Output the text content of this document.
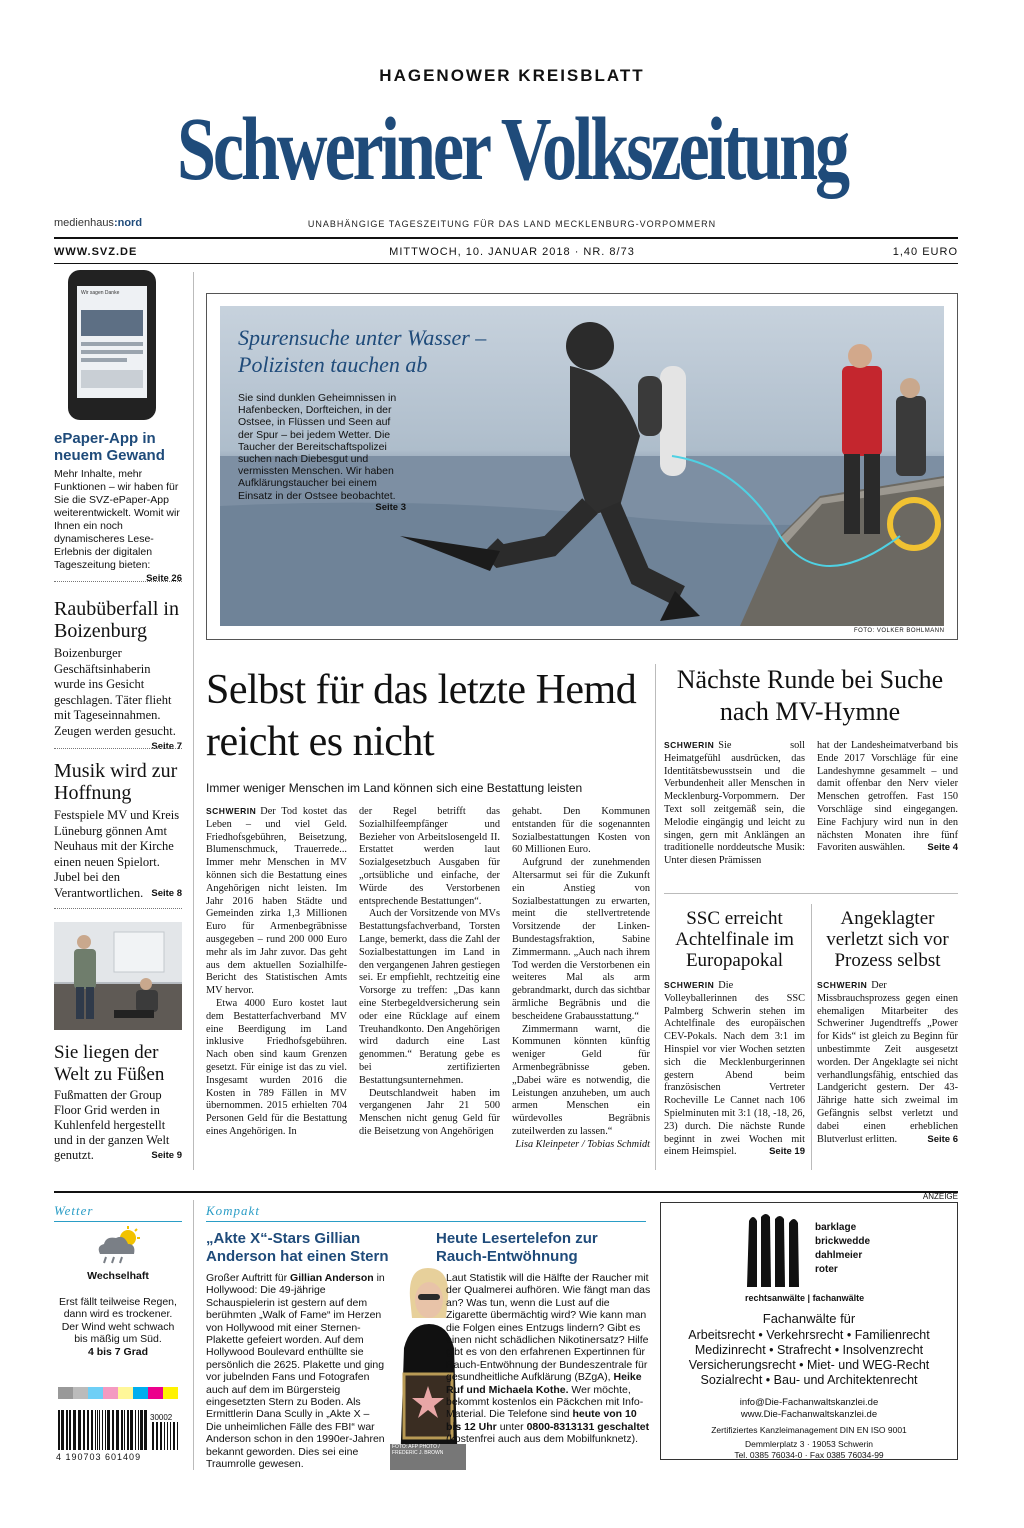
HAGENOWER KREISBLATT
Schweriner Volkszeitung
medienhaus:nord	UNABHÄNGIGE TAGESZEITUNG FÜR DAS LAND MECKLENBURG-VORPOMMERN
WWW.SVZ.DE	MITTWOCH, 10. JANUAR 2018 · NR. 8/73	1,40 EURO
Wir sagen Danke
ePaper-App in neuem Gewand
Mehr Inhalte, mehr Funktionen – wir haben für Sie die SVZ-ePaper-App weiterentwickelt. Womit wir Ihnen ein noch dynamischeres Lese-Erlebnis der digitalen Tageszeitung bieten:
Seite 26
Raubüberfall in Boizenburg
Boizenburger Geschäftsinhaberin wurde ins Gesicht geschlagen. Täter flieht mit Tageseinnahmen. Zeugen werden gesucht.
Seite 7
Musik wird zur Hoffnung
Festspiele MV und Kreis Lüneburg gönnen Amt Neuhaus mit der Kirche einen neuen Spielort. Jubel bei den Verantwortlichen. Seite 8
Sie liegen der Welt zu Füßen
Fußmatten der Group Floor Grid werden in Kuhlenfeld hergestellt und in der ganzen Welt genutzt.	Seite 9
FOTO: VOLKER BOHLMANN
Spurensuche unter Wasser – Polizisten tauchen ab
Sie sind dunklen Geheimnissen in Hafenbecken, Dorfteichen, in der Ostsee, in Flüssen und Seen auf der Spur – bei jedem Wetter. Die Taucher der Bereitschaftspolizei suchen nach Diebesgut und vermissten Menschen. Wir haben Aufklärungstaucher bei einem Einsatz in der Ostsee beobachtet.
Seite 3
Selbst für das letzte Hemd reicht es nicht
Immer weniger Menschen im Land können sich eine Bestattung leisten
SCHWERIN Der Tod kostet das Leben – und viel Geld. Friedhofsgebühren, Beisetzung, Blumenschmuck, Trauerrede... Immer mehr Menschen in MV können sich die Bestattung eines Angehörigen nicht leisten. Im Jahr 2016 haben Städte und Gemeinden zirka 1,3 Millionen Euro für Armenbegräbnisse ausgegeben – rund 200 000 Euro mehr als im Jahr zuvor. Das geht aus dem aktuellen Sozialhilfe-Bericht des Statistischen Amts MV hervor.
Etwa 4000 Euro kostet laut dem Bestatterfachverband MV eine Beerdigung im Land inklusive Friedhofsgebühren. Nach oben sind kaum Grenzen gesetzt. Für einige ist das zu viel. Insgesamt wurden 2016 die Kosten in 789 Fällen in MV übernommen. 2015 erhielten 704 Personen Geld für die Bestattung eines Angehörigen. In
der Regel betrifft das Sozialhilfeempfänger und Bezieher von Arbeitslosengeld II. Erstattet werden laut Sozialgesetzbuch Ausgaben für „ortsübliche und einfache, der Würde des Verstorbenen entsprechende Bestattungen“.
Auch der Vorsitzende von MVs Bestattungsfachverband, Torsten Lange, bemerkt, dass die Zahl der Sozialbestattungen im Land in den vergangenen Jahren gestiegen sei. Er empfiehlt, rechtzeitig eine Vorsorge zu treffen: „Das kann eine Sterbegeldversicherung sein oder eine Rücklage auf einem Treuhandkonto. Den Angehörigen wird dadurch eine Last genommen.“ Beratung gebe es bei zertifizierten Bestattungsunternehmen.
Deutschlandweit haben im vergangenen Jahr 21 500 Menschen nicht genug Geld für die Beisetzung von Angehörigen
gehabt. Den Kommunen entstanden für die sogenannten Sozialbestattungen Kosten von 60 Millionen Euro.
Aufgrund der zunehmenden Altersarmut sei für die Zukunft ein Anstieg von Sozialbestattungen zu erwarten, meint die stellvertretende Vorsitzende der Linken-Bundestagsfraktion, Sabine Zimmermann. „Auch nach ihrem Tod werden die Verstorbenen ein weiteres Mal als arm gebrandmarkt, durch das sichtbar ärmliche Begräbnis und die bescheidene Grabausstattung.“
Zimmermann warnt, die Kommunen könnten künftig weniger Geld für Armenbegräbnisse geben. „Dabei wäre es notwendig, die Leistungen anzuheben, um auch armen Menschen ein würdevolles Begräbnis zuteilwerden zu lassen.“
Lisa Kleinpeter / Tobias Schmidt
Nächste Runde bei Suche nach MV-Hymne
SCHWERIN Sie soll Heimatgefühl ausdrücken, das Identitätsbewusstsein und die Verbundenheit aller Menschen in Mecklenburg-Vorpommern. Der Text soll zeitgemäß sein, die Melodie eingängig und leicht zu singen, gern mit Anklängen an traditionelle norddeutsche Musik: Unter diesen Prämissen
hat der Landesheimatverband bis Ende 2017 Vorschläge für eine Landeshymne gesammelt – und damit offenbar den Nerv vieler Menschen getroffen. Fast 150 Vorschläge sind eingegangen. Eine Fachjury wird nun in den nächsten Monaten ihre fünf Favoriten auswählen. Seite 4
SSC erreicht Achtelfinale im Europapokal
SCHWERIN Die Volleyballerinnen des SSC Palmberg Schwerin stehen im Achtelfinale des europäischen CEV-Pokals. Nach dem 3:1 im Hinspiel vor vier Wochen setzten sich die Mecklenburgerinnen gestern Abend beim französischen Vertreter Rocheville Le Cannet nach 106 Spielminuten mit 3:1 (18, -18, 26, 23) durch. Die nächste Runde beginnt in zwei Wochen mit einem Heimspiel.	Seite 19
Angeklagter verletzt sich vor Prozess selbst
SCHWERIN Der Missbrauchsprozess gegen einen ehemaligen Mitarbeiter des Schweriner Jugendtreffs „Power for Kids“ ist gleich zu Beginn für unbestimmte Zeit ausgesetzt worden. Der Angeklagte sei nicht verhandlungsfähig, entschied das Landgericht gestern. Der 43-Jährige hatte sich zweimal im Gefängnis selbst verletzt und dabei einen erheblichen Blutverlust erlitten.	Seite 6
ANZEIGE
Wetter
Wechselhaft
Erst fällt teilweise Regen, dann wird es trockener. Der Wind weht schwach bis mäßig um Süd.
4 bis 7 Grad
4 190703 601409
30002
Kompakt
„Akte X“-Stars Gillian Anderson hat einen Stern
Großer Auftritt für Gillian Anderson in Hollywood: Die 49-jährige Schauspielerin ist gestern auf dem berühmten „Walk of Fame“ im Herzen von Hollywood mit einer Sternen-Plakette gefeiert worden. Auf dem Hollywood Boulevard enthüllte sie persönlich die 2625. Plakette und ging vor jubelnden Fans und Fotografen auch auf dem im Bürgersteig eingesetzten Stern zu Boden. Als Ermittlerin Dana Scully in „Akte X – Die unheimlichen Fälle des FBI“ war Anderson schon in den 1990er-Jahren bekannt geworden. Dies sei eine Traumrolle gewesen.
FOTO: AFP PHOTO / FREDERIC J. BROWN
Heute Lesertelefon zur Rauch-Entwöhnung
Laut Statistik will die Hälfte der Raucher mit der Qualmerei aufhören. Wie fängt man das an? Was tun, wenn die Lust auf die Zigarette übermächtig wird? Wie kann man die Folgen eines Entzugs lindern? Gibt es einen nicht schädlichen Nikotinersatz? Hilfe gibt es von den erfahrenen Expertinnen für Rauch-Entwöhnung der Bundeszentrale für gesundheitliche Aufklärung (BZgA), Heike Ruf und Michaela Kothe. Wer möchte, bekommt kostenlos ein Päckchen mit Info-Material. Die Telefone sind heute von 10 bis 12 Uhr unter 0800-8313131 geschaltet (kostenfrei auch aus dem Mobilfunknetz).
barklage
brickwedde
dahlmeier
roter
rechtsanwälte | fachanwälte
Fachanwälte für
Arbeitsrecht • Verkehrsrecht • Familienrecht
Medizinrecht • Strafrecht • Insolvenzrecht
Versicherungsrecht • Miet- und WEG-Recht
Sozialrecht • Bau- und Architektenrecht
info@Die-Fachanwaltskanzlei.de
www.Die-Fachanwaltskanzlei.de
Zertifiziertes Kanzleimanagement DIN EN ISO 9001
Demmlerplatz 3 · 19053 Schwerin
Tel. 0385 76034-0 · Fax 0385 76034-99
